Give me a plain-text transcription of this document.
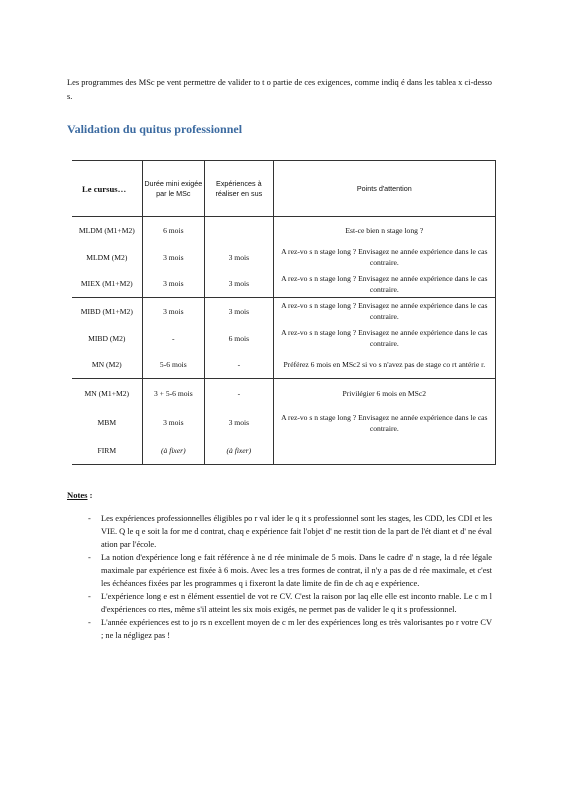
Les programmes des MSc pe vent permettre de valider to t o partie de ces exigences, comme indiq é dans les tablea x ci-desso s.

Validation du quitus professionnel
Le cursus…	Durée mini exigée par le MSc	Expériences à réaliser en sus	Points d'attention
MLDM (M1+M2)	6 mois		Est-ce bien n stage long ?
MLDM (M2)	3 mois	3 mois	A rez-vo s n stage long ? Envisagez ne année expérience dans le cas contraire.
MIEX (M1+M2)	3 mois	3 mois	A rez-vo s n stage long ? Envisagez ne année expérience dans le cas contraire.
MIBD (M1+M2)	3 mois	3 mois	A rez-vo s n stage long ? Envisagez ne année expérience dans le cas contraire.
MIBD (M2)	-	6 mois	A rez-vo s n stage long ? Envisagez ne année expérience dans le cas contraire.
MN (M2)	5-6 mois	-	Préférez 6 mois en MSc2 si vo s n'avez pas de stage co rt antérie r.
MN (M1+M2)	3 + 5-6 mois	-	Privilégier 6 mois en MSc2
MBM	3 mois	3 mois	A rez-vo s n stage long ? Envisagez ne année expérience dans le cas contraire.
FIRM	(à fixer)	(à fixer)	
Notes :
- Les expériences professionnelles éligibles po r val ider le q it s professionnel sont les stages, les CDD, les CDI et les VIE. Q le q e soit la for me d contrat, chaq e expérience fait l'objet d' ne restit tion de la part de l'ét diant et d' ne éval ation par l'école.
- La notion d'expérience long e fait référence à ne d rée minimale de 5 mois. Dans le cadre d' n stage, la d rée légale maximale par expérience est fixée à 6 mois. Avec les a tres formes de contrat, il n'y a pas de d rée maximale, et c'est les échéances fixées par les programmes q i fixeront la date limite de fin de ch aq e expérience.
- L'expérience long e est n élément essentiel de vot re CV. C'est la raison por laq elle elle est inconto rnable. Le c m l d'expériences co rtes, même s'il atteint les six mois exigés, ne permet pas de valider le q it s professionnel.
- L'année expériences est to jo rs n excellent moyen de c m ler des expériences long es très valorisantes po r votre CV ; ne la négligez pas !
